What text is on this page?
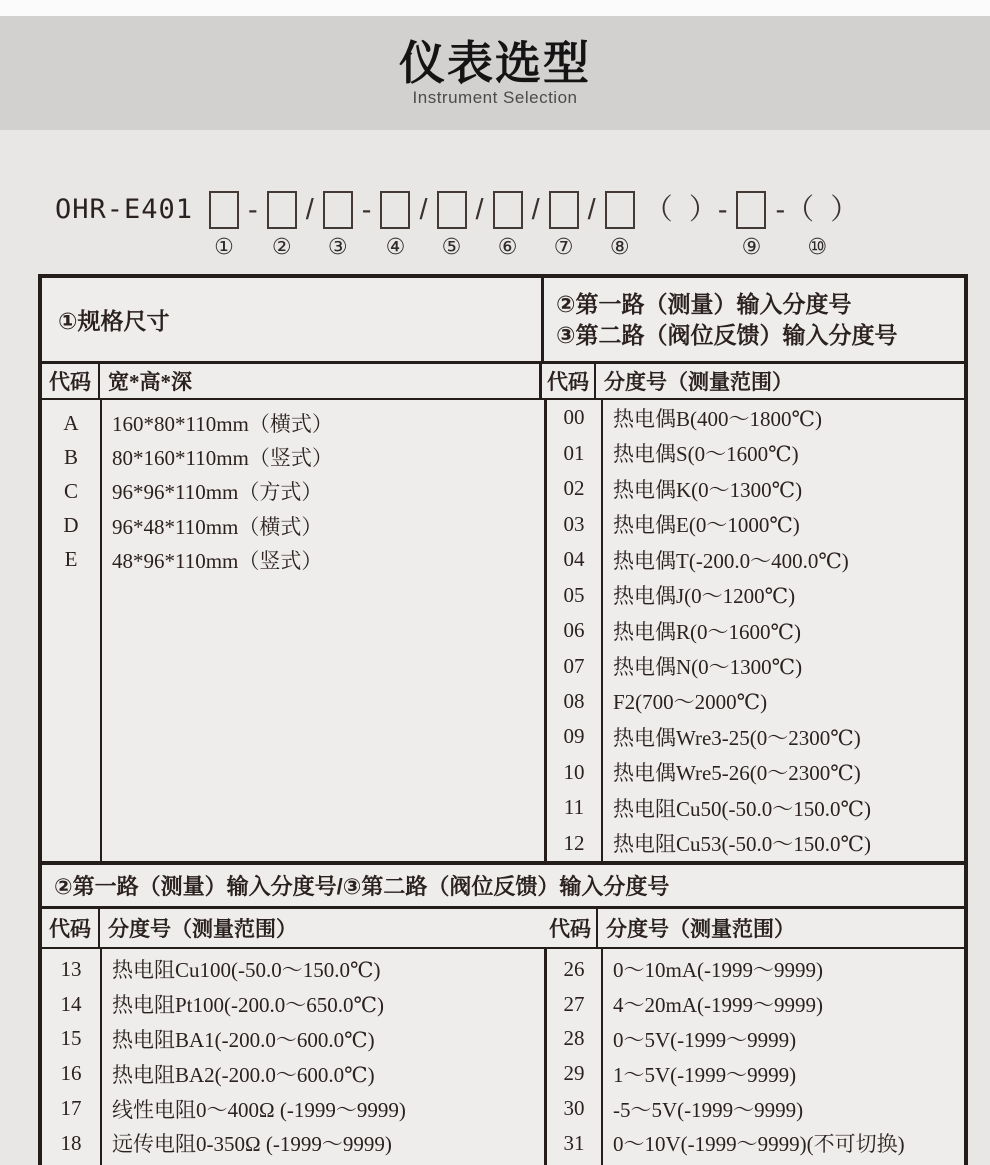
仪表选型
Instrument Selection
OHR-E401
①
-
②
/
③
-
④
/
⑤
/
⑥
/
⑦
/
⑧
（  ）-
⑨
-（  ）
⑩
①规格尺寸
②第一路（测量）输入分度号
③第二路（阀位反馈）输入分度号
代码 宽*高*深	代码 分度号（测量范围）
A	160*80*110mm（横式）
B	80*160*110mm（竖式）
C	96*96*110mm（方式）
D	96*48*110mm（横式）
E	48*96*110mm（竖式）
00	热电偶B(400～1800℃)
01	热电偶S(0～1600℃)
02	热电偶K(0～1300℃)
03	热电偶E(0～1000℃)
04	热电偶T(-200.0～400.0℃)
05	热电偶J(0～1200℃)
06	热电偶R(0～1600℃)
07	热电偶N(0～1300℃)
08	F2(700～2000℃)
09	热电偶Wre3-25(0～2300℃)
10	热电偶Wre5-26(0～2300℃)
11	热电阻Cu50(-50.0～150.0℃)
12	热电阻Cu53(-50.0～150.0℃)
②第一路（测量）输入分度号/③第二路（阀位反馈）输入分度号
代码 分度号（测量范围）	代码 分度号（测量范围）
13	热电阻Cu100(-50.0～150.0℃)
14	热电阻Pt100(-200.0～650.0℃)
15	热电阻BA1(-200.0～600.0℃)
16	热电阻BA2(-200.0～600.0℃)
17	线性电阻0～400Ω (-1999～9999)
18	远传电阻0-350Ω (-1999～9999)
26	0～10mA(-1999～9999)
27	4～20mA(-1999～9999)
28	0～5V(-1999～9999)
29	1～5V(-1999～9999)
30	-5～5V(-1999～9999)
31	0～10V(-1999～9999)(不可切换)
